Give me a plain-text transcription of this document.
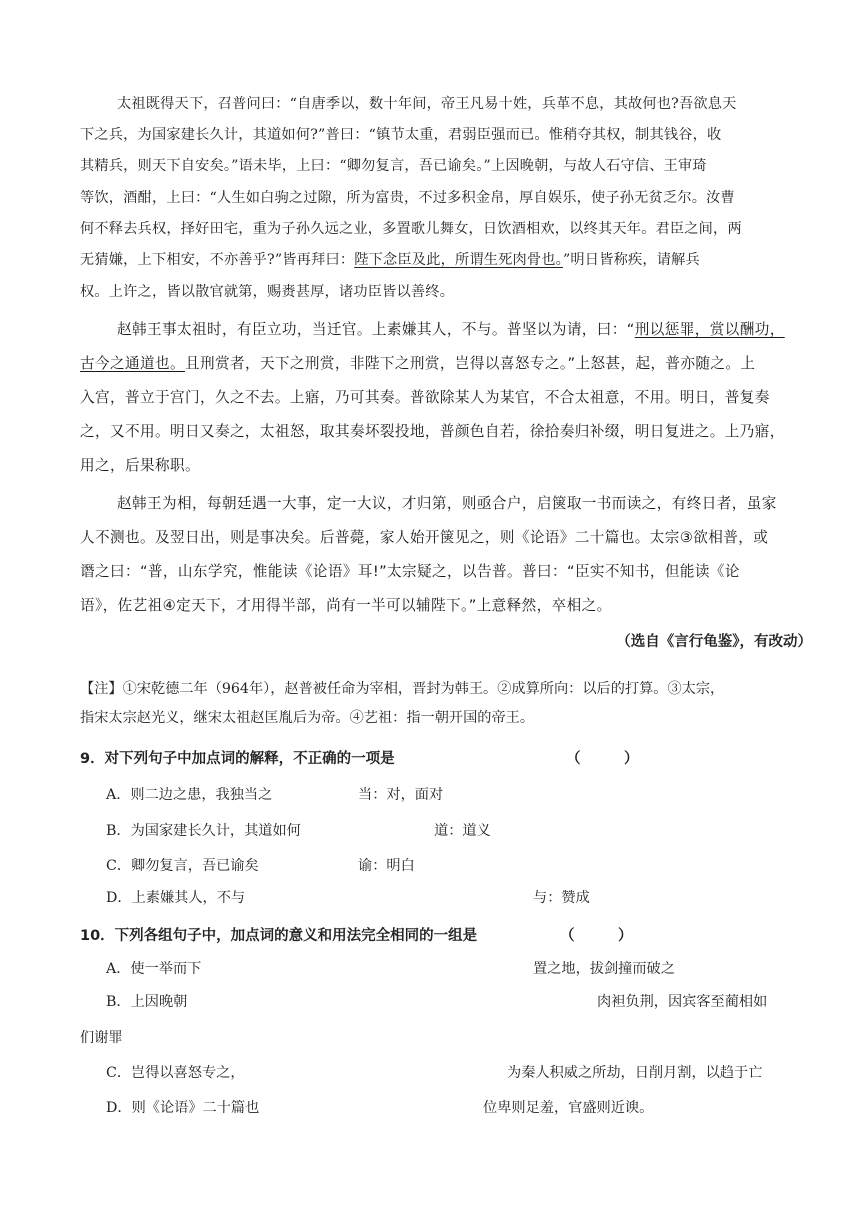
太祖既得天下，召普问曰：“自唐季以，数十年间，帝王凡易十姓，兵革不息，其故何也?吾欲息天
下之兵，为国家建长久计，其道如何?”普曰：“镇节太重，君弱臣强而已。惟稍夺其权，制其钱谷，收
其精兵，则天下自安矣。”语未毕，上曰：“卿勿复言，吾已谕矣。”上因晚朝，与故人石守信、王审琦
等饮，酒酣，上曰：“人生如白驹之过隙，所为富贵，不过多积金帛，厚自娱乐，使子孙无贫乏尔。汝曹
何不释去兵权，择好田宅，重为子孙久远之业，多置歌儿舞女，日饮酒相欢，以终其天年。君臣之间，两
无猜嫌，上下相安，不亦善乎?”皆再拜曰：陛下念臣及此，所谓生死肉骨也。”明日皆称疾，请解兵
权。上许之，皆以散官就第，赐赉甚厚，诸功臣皆以善终。
赵韩王事太祖时，有臣立功，当迁官。上素嫌其人，不与。普坚以为请，曰：“刑以惩罪，赏以酬功，
古今之通道也。且刑赏者，天下之刑赏，非陛下之刑赏，岂得以喜怒专之。”上怒甚，起，普亦随之。上
入宫，普立于宫门，久之不去。上寤，乃可其奏。普欲除某人为某官，不合太祖意，不用。明日，普复奏
之，又不用。明日又奏之，太祖怒，取其奏坏裂投地，普颜色自若，徐拾奏归补缀，明日复进之。上乃寤，
用之，后果称职。
赵韩王为相，每朝廷遇一大事，定一大议，才归第，则亟合户，启箧取一书而读之，有终日者，虽家
人不测也。及翌日出，则是事决矣。后普薨，家人始开箧见之，则《论语》二十篇也。太宗③欲相普，或
谮之曰：“普，山东学究，惟能读《论语》耳!”太宗疑之，以告普。普曰：“臣实不知书，但能读《论
语》，佐艺祖④定天下，才用得半部，尚有一半可以辅陛下。”上意释然，卒相之。
（选自《言行龟鉴》，有改动）
【注】①宋乾德二年（964年），赵普被任命为宰相，晋封为韩王。②成算所向：以后的打算。③太宗，
指宋太宗赵光义，继宋太祖赵匡胤后为帝。④艺祖：指一朝开国的帝王。
9．对下列句子中加点词的解释，不正确的一项是	（　　　）
A．则二边之患，我独当之	当：对，面对
B．为国家建长久计，其道如何	道：道义
C．卿勿复言，吾已谕矣	谕：明白
D．上素嫌其人，不与	与：赞成
10．下列各组句子中，加点词的意义和用法完全相同的一组是	（　　　）
A．使一举而下	置之地，拔剑撞而破之
B．上因晚朝	肉袒负荆，因宾客至蔺相如
们谢罪
C．岂得以喜怒专之，	为秦人积威之所劫，日削月割，以趋于亡
D．则《论语》二十篇也	位卑则足羞，官盛则近谀。
